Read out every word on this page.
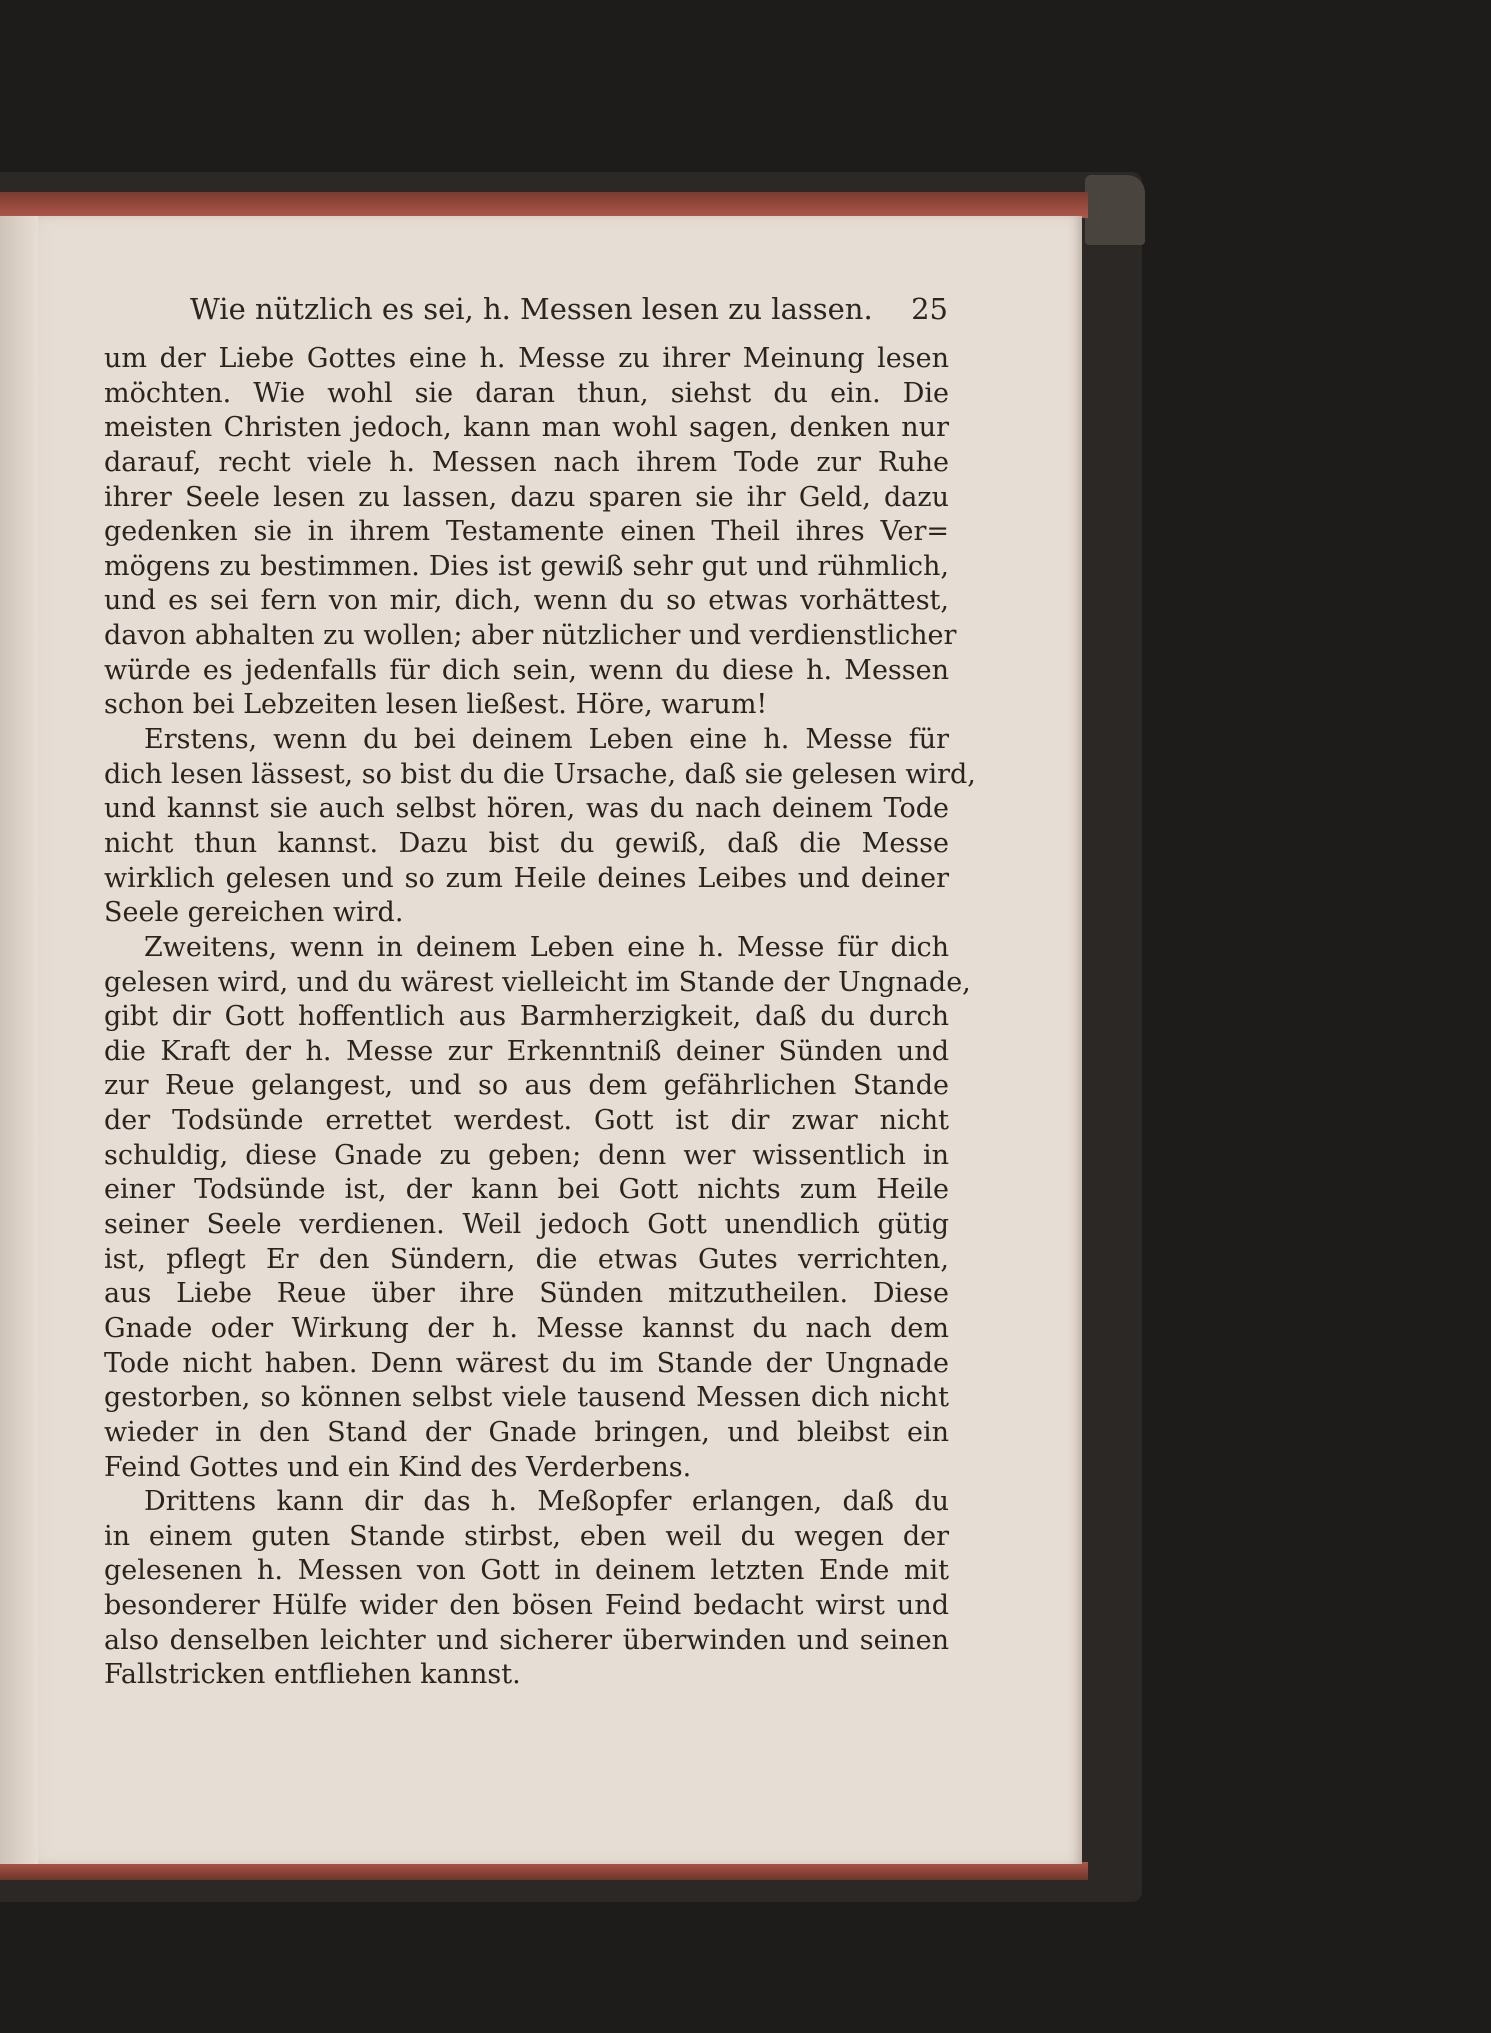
Wie nützlich es sei, h. Messen lesen zu lassen. 25
um der Liebe Gottes eine h. Messe zu ihrer Meinung lesen
möchten. Wie wohl sie daran thun, siehst du ein. Die
meisten Christen jedoch, kann man wohl sagen, denken nur
darauf, recht viele h. Messen nach ihrem Tode zur Ruhe
ihrer Seele lesen zu lassen, dazu sparen sie ihr Geld, dazu
gedenken sie in ihrem Testamente einen Theil ihres Ver=
mögens zu bestimmen. Dies ist gewiß sehr gut und rühmlich,
und es sei fern von mir, dich, wenn du so etwas vorhättest,
davon abhalten zu wollen; aber nützlicher und verdienstlicher
würde es jedenfalls für dich sein, wenn du diese h. Messen
schon bei Lebzeiten lesen ließest. Höre, warum!
Erstens, wenn du bei deinem Leben eine h. Messe für
dich lesen lässest, so bist du die Ursache, daß sie gelesen wird,
und kannst sie auch selbst hören, was du nach deinem Tode
nicht thun kannst. Dazu bist du gewiß, daß die Messe
wirklich gelesen und so zum Heile deines Leibes und deiner
Seele gereichen wird.
Zweitens, wenn in deinem Leben eine h. Messe für dich
gelesen wird, und du wärest vielleicht im Stande der Ungnade,
gibt dir Gott hoffentlich aus Barmherzigkeit, daß du durch
die Kraft der h. Messe zur Erkenntniß deiner Sünden und
zur Reue gelangest, und so aus dem gefährlichen Stande
der Todsünde errettet werdest. Gott ist dir zwar nicht
schuldig, diese Gnade zu geben; denn wer wissentlich in
einer Todsünde ist, der kann bei Gott nichts zum Heile
seiner Seele verdienen. Weil jedoch Gott unendlich gütig
ist, pflegt Er den Sündern, die etwas Gutes verrichten,
aus Liebe Reue über ihre Sünden mitzutheilen. Diese
Gnade oder Wirkung der h. Messe kannst du nach dem
Tode nicht haben. Denn wärest du im Stande der Ungnade
gestorben, so können selbst viele tausend Messen dich nicht
wieder in den Stand der Gnade bringen, und bleibst ein
Feind Gottes und ein Kind des Verderbens.
Drittens kann dir das h. Meßopfer erlangen, daß du
in einem guten Stande stirbst, eben weil du wegen der
gelesenen h. Messen von Gott in deinem letzten Ende mit
besonderer Hülfe wider den bösen Feind bedacht wirst und
also denselben leichter und sicherer überwinden und seinen
Fallstricken entfliehen kannst.
